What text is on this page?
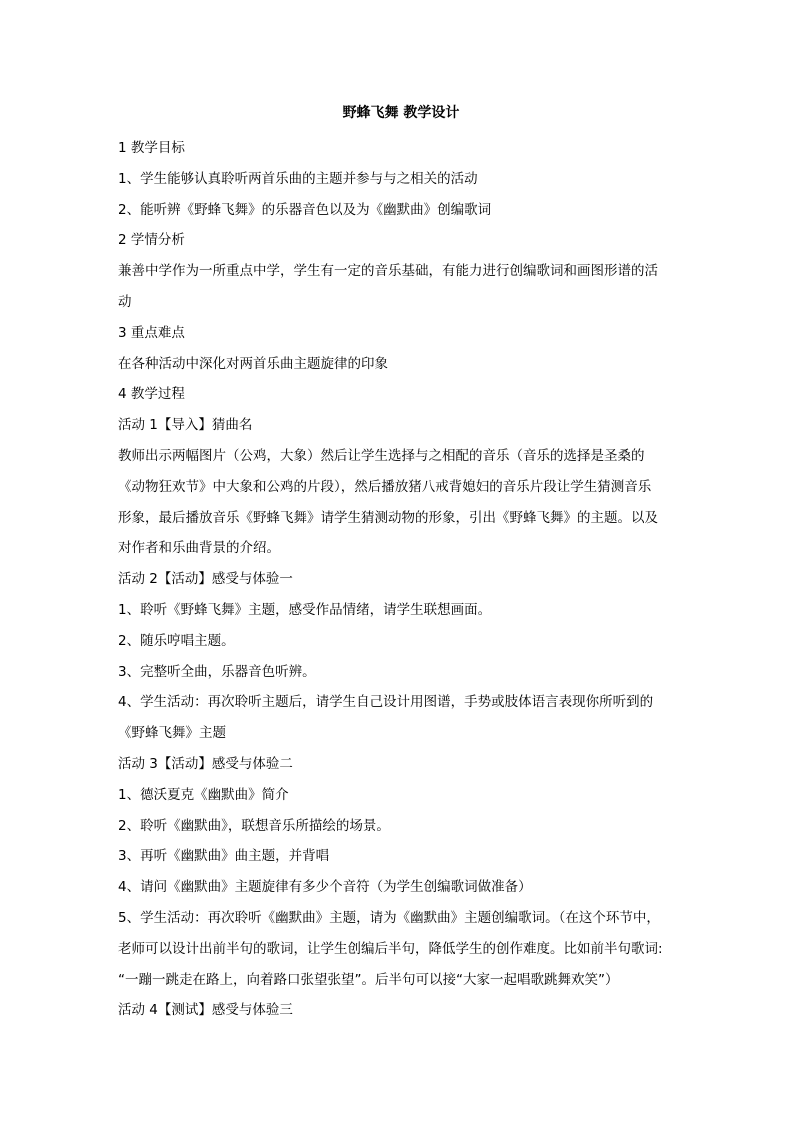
野蜂飞舞 教学设计

1 教学目标

1、学生能够认真聆听两首乐曲的主题并参与与之相关的活动

2、能听辨《野蜂飞舞》的乐器音色以及为《幽默曲》创编歌词

2 学情分析

兼善中学作为一所重点中学，学生有一定的音乐基础，有能力进行创编歌词和画图形谱的活

动

3 重点难点

在各种活动中深化对两首乐曲主题旋律的印象

4 教学过程

活动 1【导入】猜曲名

教师出示两幅图片（公鸡，大象）然后让学生选择与之相配的音乐（音乐的选择是圣桑的

《动物狂欢节》中大象和公鸡的片段），然后播放猪八戒背媳妇的音乐片段让学生猜测音乐

形象，最后播放音乐《野蜂飞舞》请学生猜测动物的形象，引出《野蜂飞舞》的主题。以及

对作者和乐曲背景的介绍。

活动 2【活动】感受与体验一

1、聆听《野蜂飞舞》主题，感受作品情绪，请学生联想画面。

2、随乐哼唱主题。

3、完整听全曲，乐器音色听辨。

4、学生活动：再次聆听主题后，请学生自己设计用图谱，手势或肢体语言表现你所听到的

《野蜂飞舞》主题

活动 3【活动】感受与体验二

1、德沃夏克《幽默曲》简介

2、聆听《幽默曲》，联想音乐所描绘的场景。

3、再听《幽默曲》曲主题，并背唱

4、请问《幽默曲》主题旋律有多少个音符（为学生创编歌词做准备）

5、学生活动：再次聆听《幽默曲》主题，请为《幽默曲》主题创编歌词。（在这个环节中，

老师可以设计出前半句的歌词，让学生创编后半句，降低学生的创作难度。比如前半句歌词:

“一蹦一跳走在路上，向着路口张望张望”。后半句可以接“大家一起唱歌跳舞欢笑”）

活动 4【测试】感受与体验三
